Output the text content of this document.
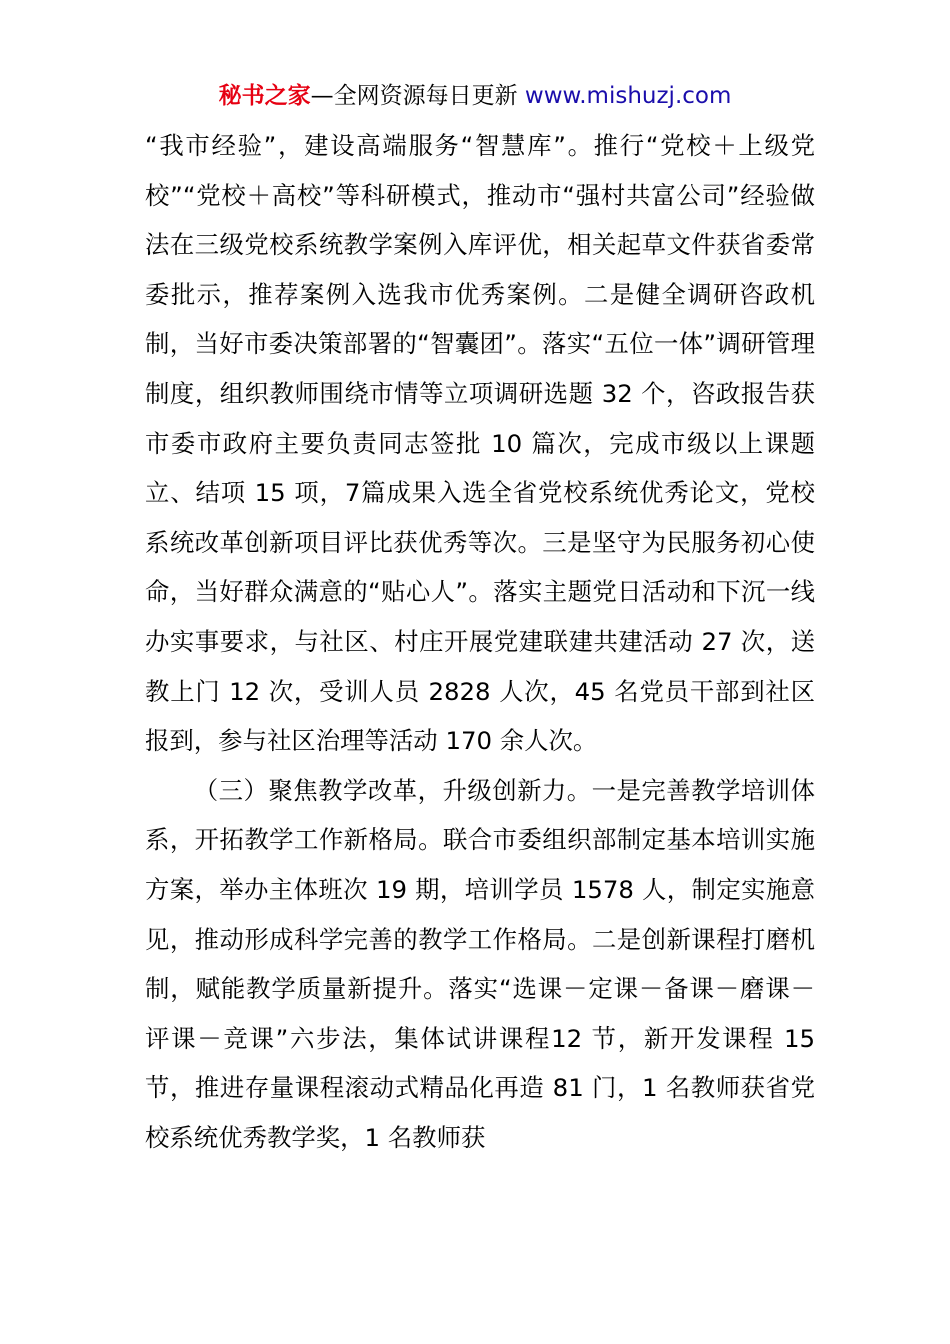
秘书之家—全网资源每日更新 www.mishuzj.com

“我市经验”，建设高端服务“智慧库”。推行“党校＋上级党校”“党校＋高校”等科研模式，推动市“强村共富公司”经验做法在三级党校系统教学案例入库评优，相关起草文件获省委常委批示，推荐案例入选我市优秀案例。二是健全调研咨政机制，当好市委决策部署的“智囊团”。落实“五位一体”调研管理制度，组织教师围绕市情等立项调研选题 32 个，咨政报告获市委市政府主要负责同志签批 10 篇次，完成市级以上课题立、结项 15 项，7篇成果入选全省党校系统优秀论文，党校系统改革创新项目评比获优秀等次。三是坚守为民服务初心使命，当好群众满意的“贴心人”。落实主题党日活动和下沉一线办实事要求，与社区、村庄开展党建联建共建活动 27 次，送教上门 12 次，受训人员 2828 人次，45 名党员干部到社区报到，参与社区治理等活动 170 余人次。

（三）聚焦教学改革，升级创新力。一是完善教学培训体系，开拓教学工作新格局。联合市委组织部制定基本培训实施方案，举办主体班次 19 期，培训学员 1578 人，制定实施意见，推动形成科学完善的教学工作格局。二是创新课程打磨机制，赋能教学质量新提升。落实“选课－定课－备课－磨课－评课－竞课”六步法，集体试讲课程12 节，新开发课程 15 节，推进存量课程滚动式精品化再造 81 门，1 名教师获省党校系统优秀教学奖，1 名教师获
